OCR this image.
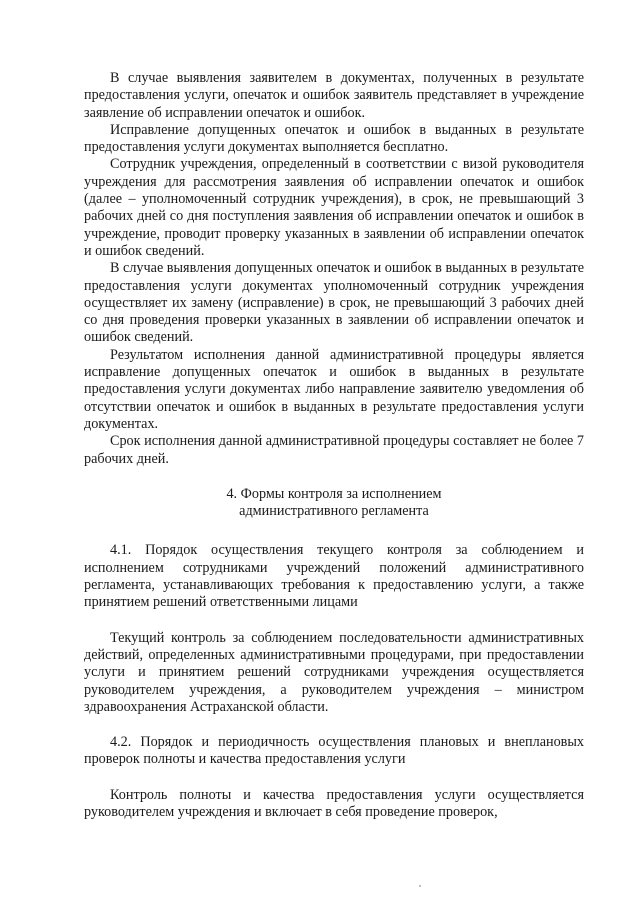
В случае выявления заявителем в документах, полученных в результате предоставления услуги, опечаток и ошибок заявитель представляет в учреждение заявление об исправлении опечаток и ошибок.

Исправление допущенных опечаток и ошибок в выданных в результате предоставления услуги документах выполняется бесплатно.

Сотрудник учреждения, определенный в соответствии с визой руководителя учреждения для рассмотрения заявления об исправлении опечаток и ошибок (далее – уполномоченный сотрудник учреждения), в срок, не превышающий 3 рабочих дней со дня поступления заявления об исправлении опечаток и ошибок в учреждение, проводит проверку указанных в заявлении об исправлении опечаток и ошибок сведений.

В случае выявления допущенных опечаток и ошибок в выданных в результате предоставления услуги документах уполномоченный сотрудник учреждения осуществляет их замену (исправление) в срок, не превышающий 3 рабочих дней со дня проведения проверки указанных в заявлении об исправлении опечаток и ошибок сведений.

Результатом исполнения данной административной процедуры является исправление допущенных опечаток и ошибок в выданных в результате предоставления услуги документах либо направление заявителю уведомления об отсутствии опечаток и ошибок в выданных в результате предоставления услуги документах.

Срок исполнения данной административной процедуры составляет не более 7 рабочих дней.

4. Формы контроля за исполнением

административного регламента

4.1. Порядок осуществления текущего контроля за соблюдением и исполнением сотрудниками учреждений положений административного регламента, устанавливающих требования к предоставлению услуги, а также принятием решений ответственными лицами

Текущий контроль за соблюдением последовательности административных действий, определенных административными процедурами, при предоставлении услуги и принятием решений сотрудниками учреждения осуществляется руководителем учреждения, а руководителем учреждения – министром здравоохранения Астраханской области.

4.2. Порядок и периодичность осуществления плановых и внеплановых проверок полноты и качества предоставления услуги

Контроль полноты и качества предоставления услуги осуществляется руководителем учреждения и включает в себя проведение проверок,
